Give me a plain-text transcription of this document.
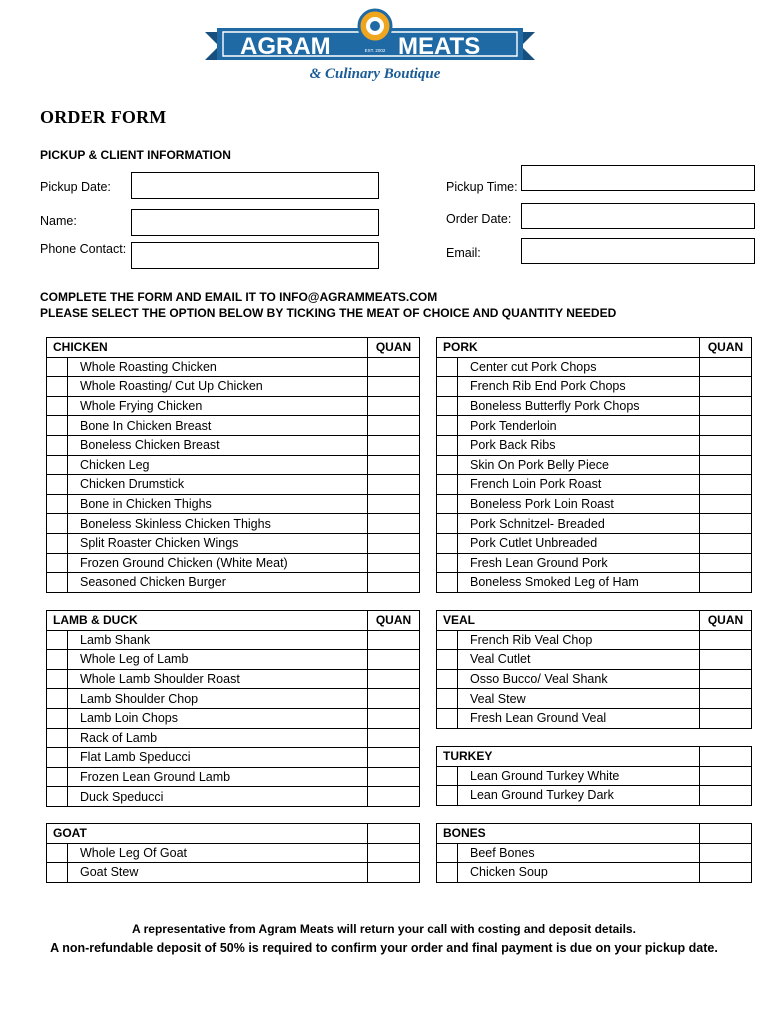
AGRAM	MEATS
EST. 2002
& Culinary Boutique
ORDER FORM
PICKUP & CLIENT INFORMATION
Pickup Date:
Name:
Phone Contact:
Pickup Time:
Order Date:
Email:
COMPLETE THE FORM AND EMAIL IT TO INFO@AGRAMMEATS.COM
PLEASE SELECT THE OPTION BELOW BY TICKING THE MEAT OF CHOICE AND QUANTITY NEEDED
CHICKEN		QUAN
	Whole Roasting Chicken	
	Whole Roasting/ Cut Up Chicken	
	Whole Frying Chicken	
	Bone In Chicken Breast	
	Boneless Chicken Breast	
	Chicken Leg	
	Chicken Drumstick	
	Bone in Chicken Thighs	
	Boneless Skinless Chicken Thighs	
	Split Roaster Chicken Wings	
	Frozen Ground Chicken (White Meat)	
	Seasoned Chicken Burger	
PORK		QUAN
	Center cut Pork Chops	
	French Rib End Pork Chops	
	Boneless Butterfly Pork Chops	
	Pork Tenderloin	
	Pork Back Ribs	
	Skin On Pork Belly Piece	
	French Loin Pork Roast	
	Boneless Pork Loin Roast	
	Pork Schnitzel- Breaded	
	Pork Cutlet Unbreaded	
	Fresh Lean Ground Pork	
	Boneless Smoked Leg of Ham	
LAMB & DUCK		QUAN
	Lamb Shank	
	Whole Leg of Lamb	
	Whole Lamb Shoulder Roast	
	Lamb Shoulder Chop	
	Lamb Loin Chops	
	Rack of Lamb	
	Flat Lamb Speducci	
	Frozen Lean Ground Lamb	
	Duck Speducci	
VEAL		QUAN
	French Rib Veal Chop	
	Veal Cutlet	
	Osso Bucco/ Veal Shank	
	Veal Stew	
	Fresh Lean Ground Veal	
TURKEY		
	Lean Ground Turkey White	
	Lean Ground Turkey Dark	
GOAT		
	Whole Leg Of Goat	
	Goat Stew	
BONES		
	Beef Bones	
	Chicken Soup	
A representative from Agram Meats will return your call with costing and deposit details.
A non-refundable deposit of 50% is required to confirm your order and final payment is due on your pickup date.
